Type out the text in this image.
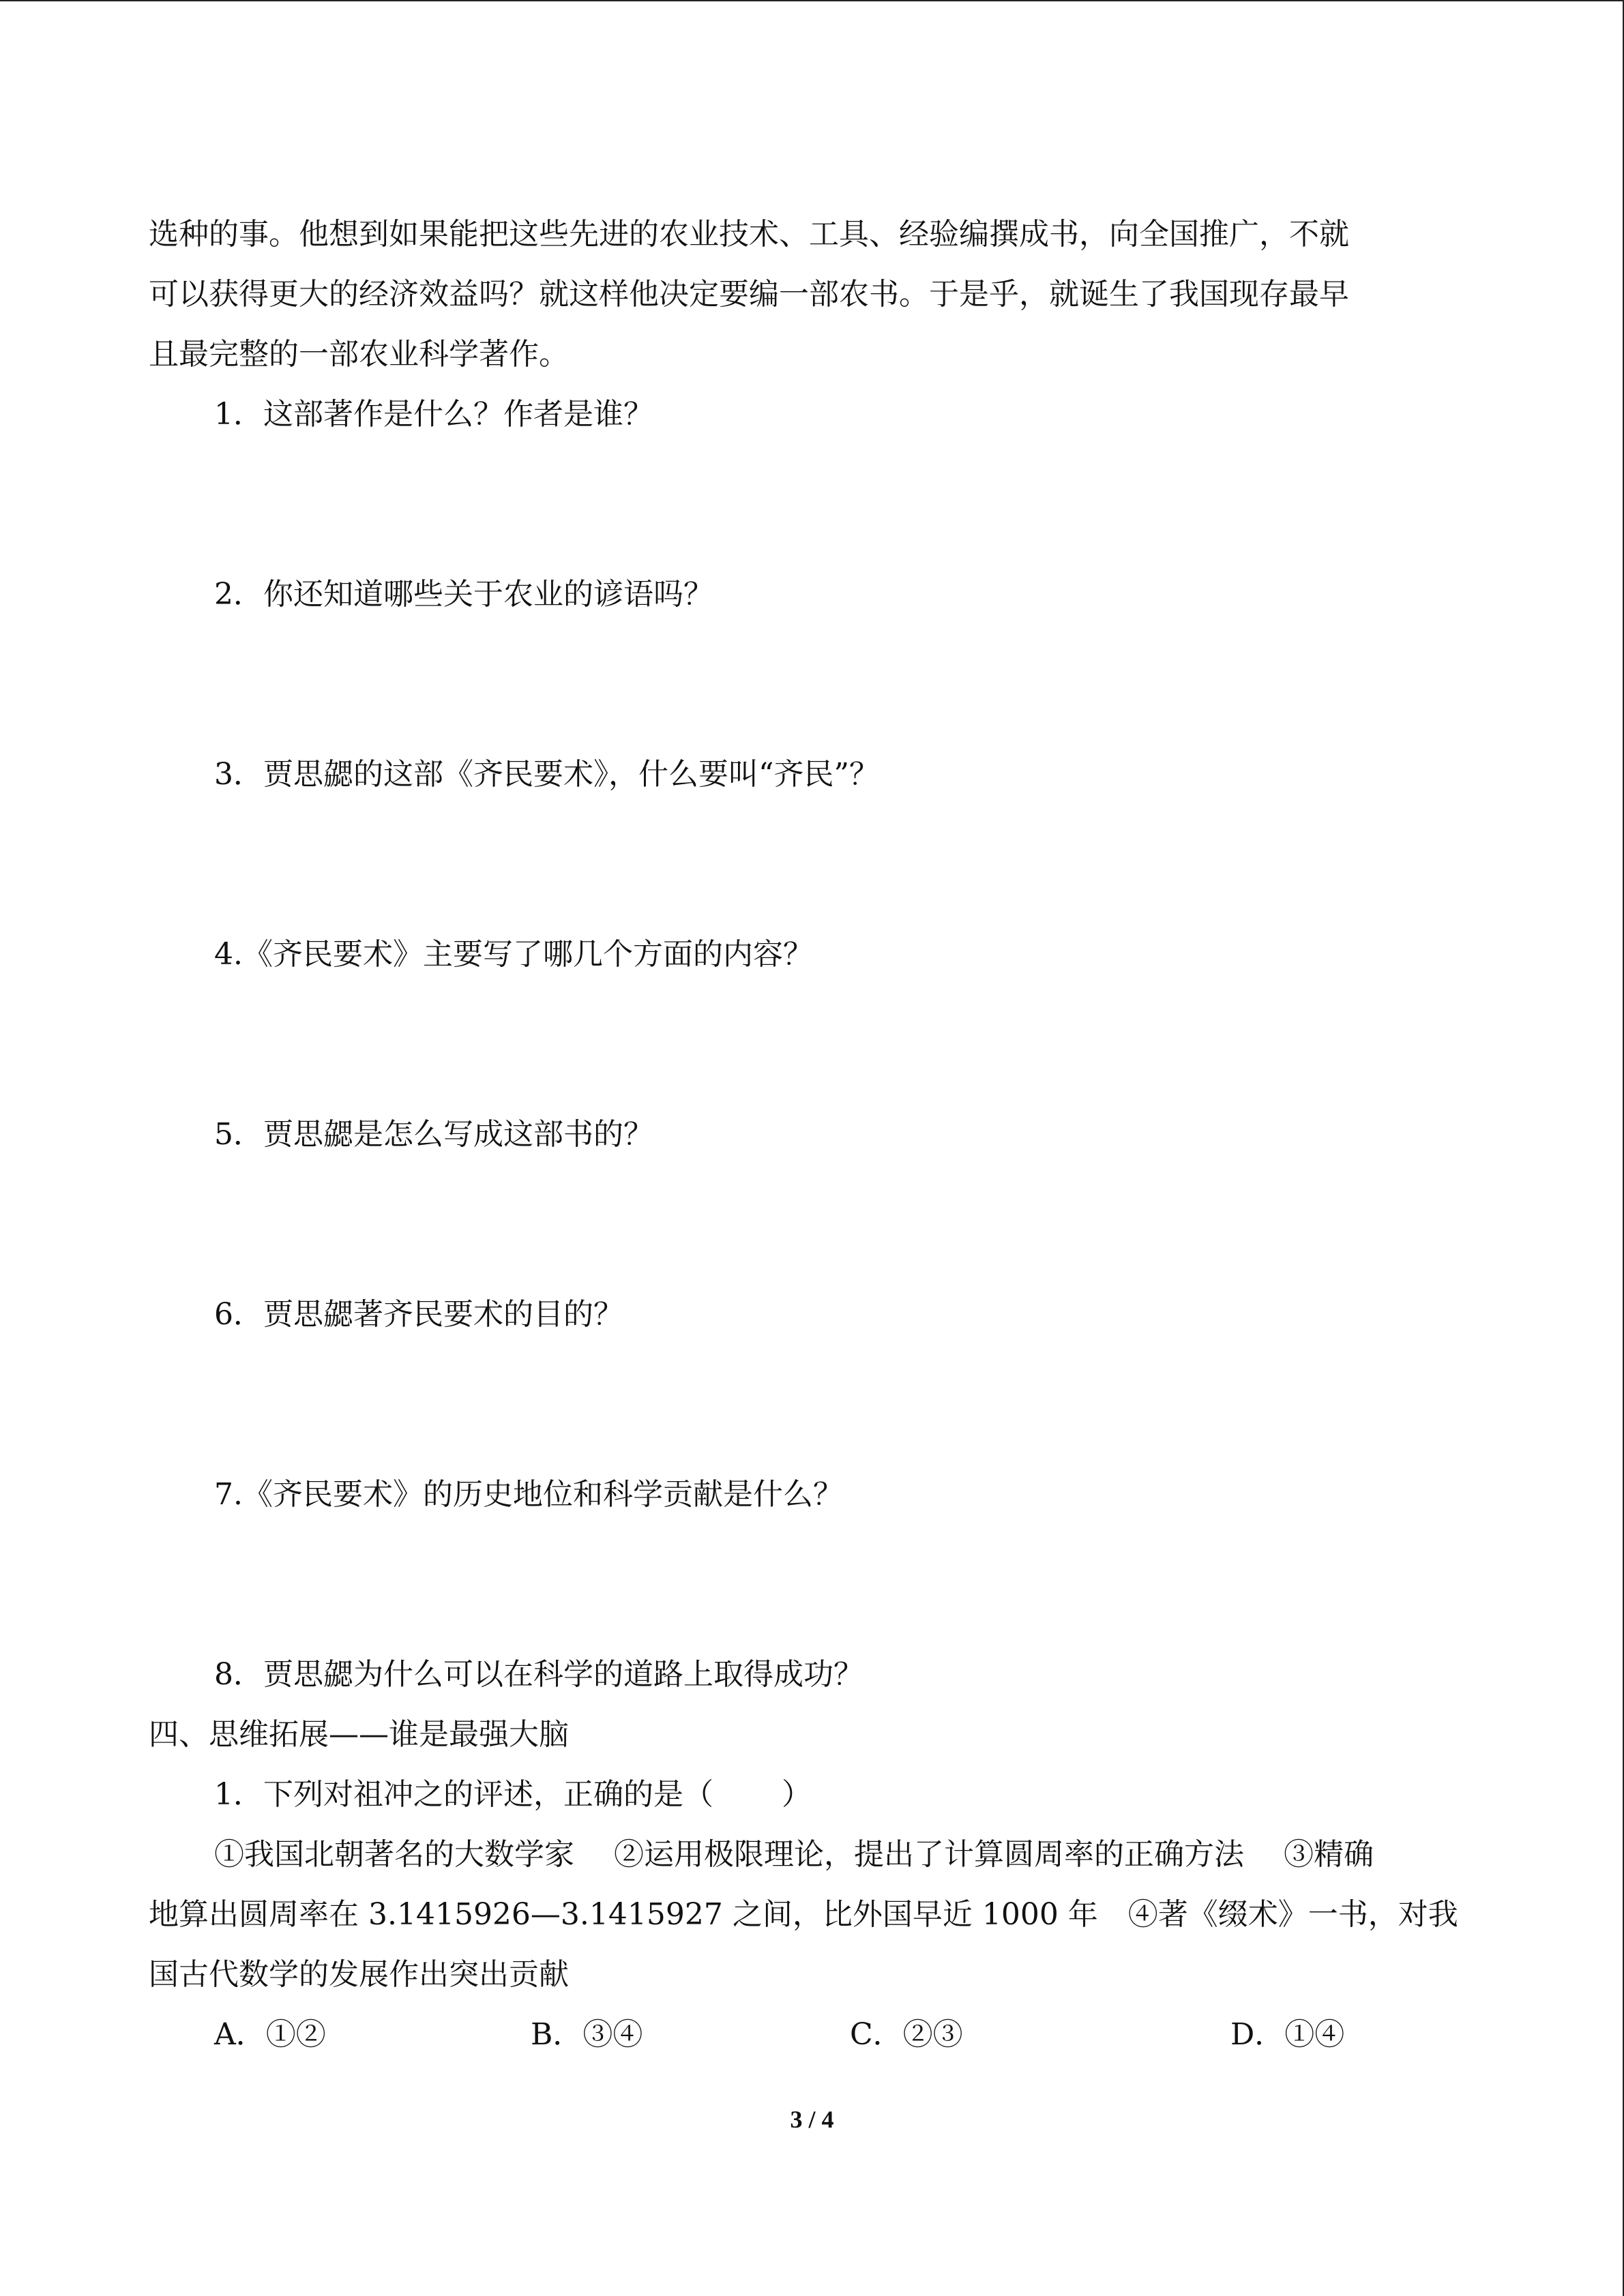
选种的事。他想到如果能把这些先进的农业技术、工具、经验编撰成书，向全国推广，不就
可以获得更大的经济效益吗？就这样他决定要编一部农书。于是乎，就诞生了我国现存最早
且最完整的一部农业科学著作。
1．这部著作是什么？作者是谁？
2．你还知道哪些关于农业的谚语吗？
3．贾思勰的这部《齐民要术》，什么要叫“齐民”？
4.《齐民要术》主要写了哪几个方面的内容？
5．贾思勰是怎么写成这部书的？
6．贾思勰著齐民要术的目的？
7.《齐民要术》的历史地位和科学贡献是什么？
8．贾思勰为什么可以在科学的道路上取得成功？
四、思维拓展——谁是最强大脑
1．下列对祖冲之的评述，正确的是（ ）
①我国北朝著名的大数学家　 ②运用极限理论，提出了计算圆周率的正确方法　 ③精确
地算出圆周率在 3.1415926—3.1415927 之间，比外国早近 1000 年　④著《缀术》一书，对我
国古代数学的发展作出突出贡献
A．①②	B．③④	C．②③	D．①④
3 / 4
